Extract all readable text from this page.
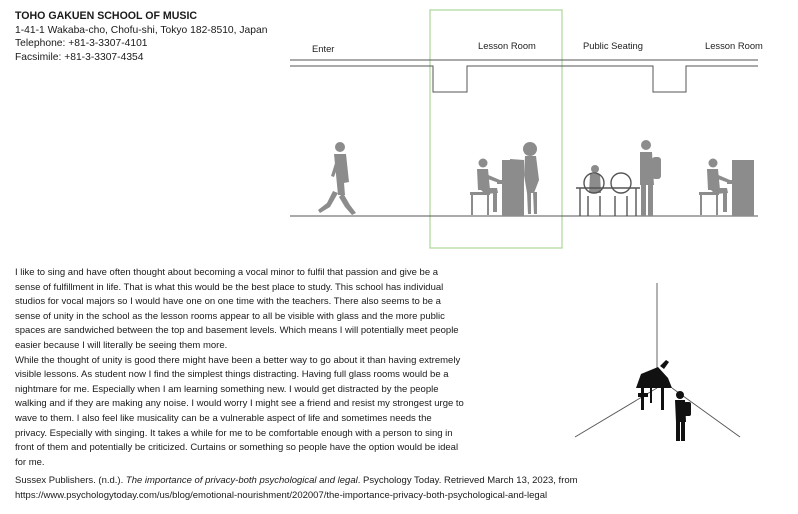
TOHO GAKUEN SCHOOL OF MUSIC
1-41-1 Wakaba-cho, Chofu-shi, Tokyo 182-8510, Japan
Telephone: +81-3-3307-4101
Facsimile: +81-3-3307-4354
Enter	Lesson Room	Public Seating	Lesson Room

I like to sing and have often thought about becoming a vocal minor to fulfil that passion and give be a sense of fulfillment in life. That is what this would be the best place to study. This school has individual studios for vocal majors so I would have one on one time with the teachers. There also seems to be a sense of unity in the school as the lesson rooms appear to all be visible with glass and the more public spaces are sandwiched between the top and basement levels. Which means I will potentially meet people easier because I will literally be seeing them more.

While the thought of unity is good there might have been a better way to go about it than having extremely visible lessons. As student now I find the simplest things distracting. Having full glass rooms would be a nightmare for me. Especially when I am learning something new. I would get distracted by the people walking and if they are making any noise. I would worry I might see a friend and resist my strongest urge to wave to them. I also feel like musicality can be a vulnerable aspect of life and sometimes needs the privacy. Especially with singing. It takes a while for me to be comfortable enough with a person to sing in front of them and potentially be criticized. Curtains or something so people have the option would be ideal for me.

Sussex Publishers. (n.d.). The importance of privacy-both psychological and legal. Psychology Today. Retrieved March 13, 2023, from https://www.psychologytoday.com/us/blog/emotional-nourishment/202007/the-importance-privacy-both-psychological-and-legal
